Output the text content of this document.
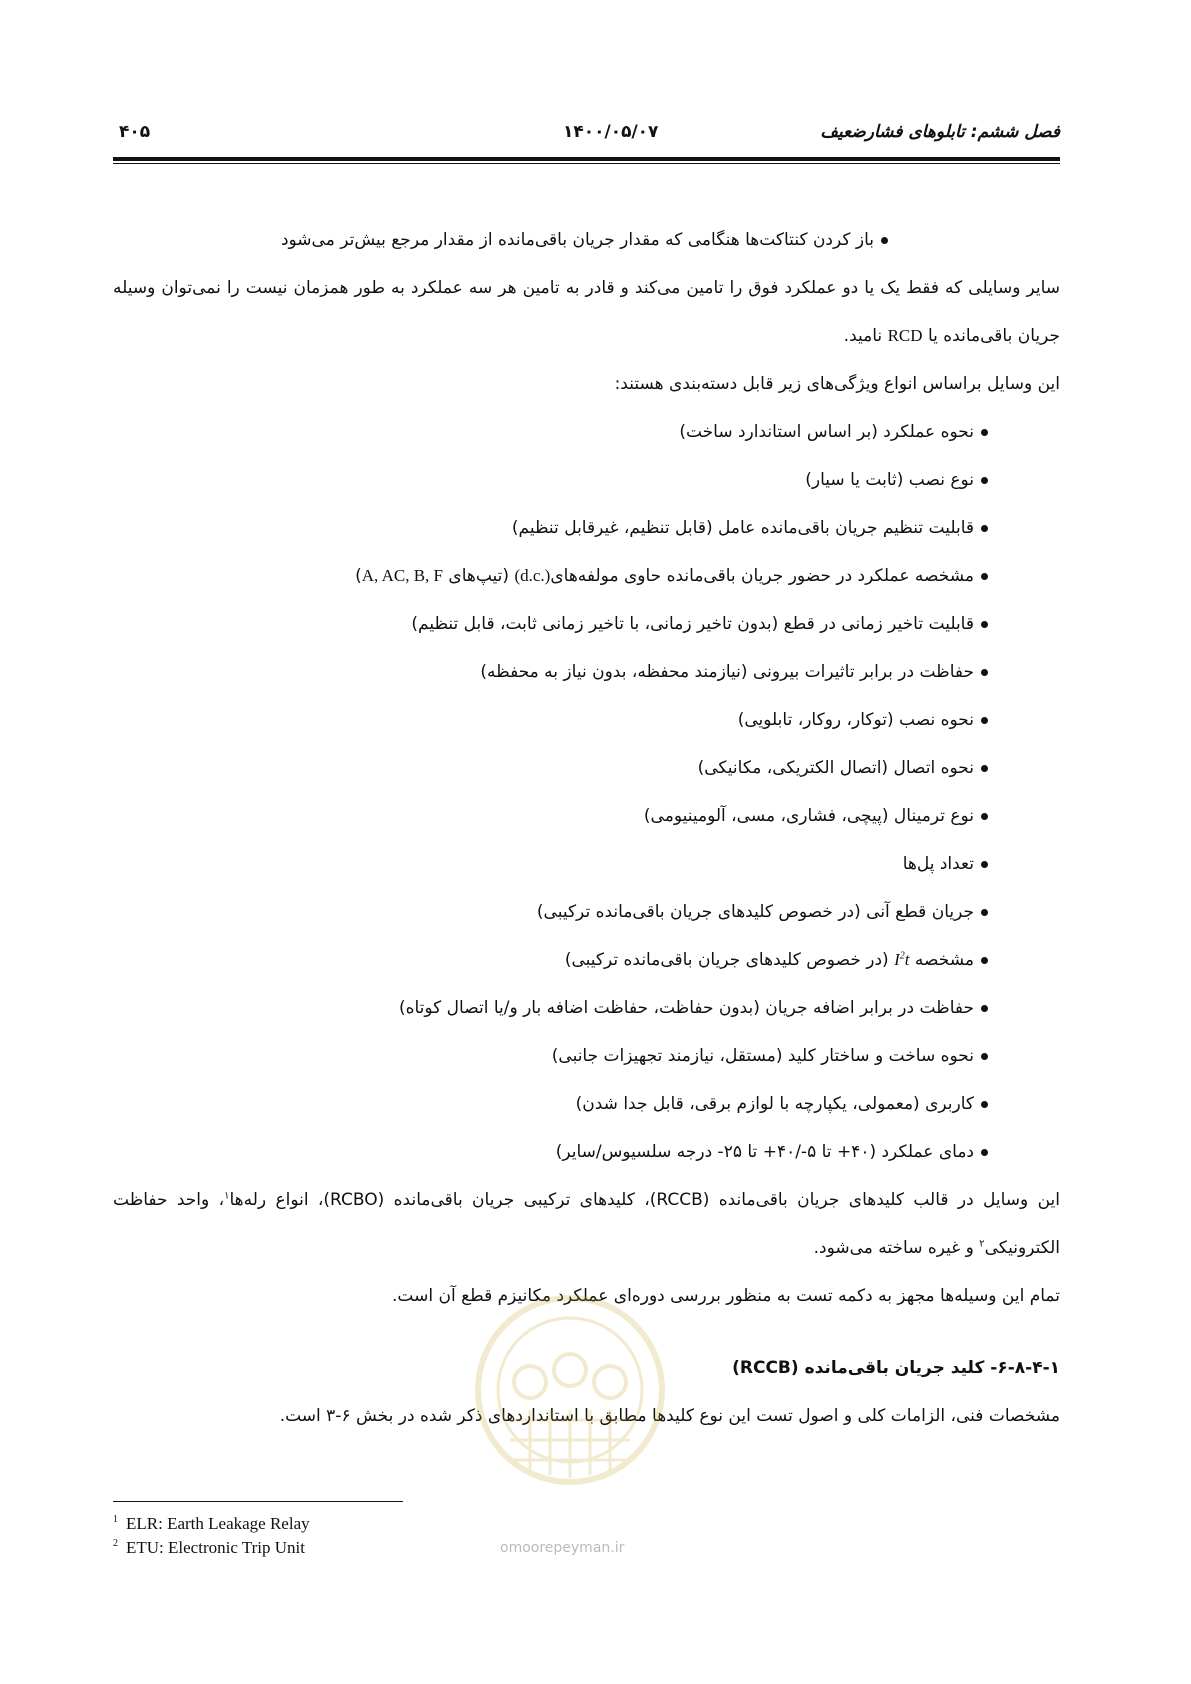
فصل ششم: تابلوهای فشارضعیف
۱۴۰۰/۰۵/۰۷
۴۰۵

باز کردن کنتاکت‌ها هنگامی که مقدار جریان باقی‌مانده از مقدار مرجع بیش‌تر می‌شود

سایر وسایلی که فقط یک یا دو عملکرد فوق را تامین می‌کند و قادر به تامین هر سه عملکرد به طور همزمان نیست را نمی‌توان وسیله جریان باقی‌مانده یا RCD نامید.

این وسایل براساس انواع ویژگی‌های زیر قابل دسته‌بندی هستند:

نحوه عملکرد (بر اساس استاندارد ساخت)
نوع نصب (ثابت یا سیار)
قابلیت تنظیم جریان باقی‌مانده عامل (قابل تنظیم، غیرقابل تنظیم)
مشخصه عملکرد در حضور جریان باقی‌مانده حاوی مولفه‌های(d.c.) (تیپ‌های A, AC, B, F)
قابلیت تاخیر زمانی در قطع (بدون تاخیر زمانی، با تاخیر زمانی ثابت، قابل تنظیم)
حفاظت در برابر تاثیرات بیرونی (نیازمند محفظه، بدون نیاز به محفظه)
نحوه نصب (توکار، روکار، تابلویی)
نحوه اتصال (اتصال الکتریکی، مکانیکی)
نوع ترمینال (پیچی، فشاری، مسی، آلومینیومی)
تعداد پل‌ها
جریان قطع آنی (در خصوص کلیدهای جریان باقی‌مانده ترکیبی)
مشخصه $I^2t$ (در خصوص کلیدهای جریان باقی‌مانده ترکیبی)
حفاظت در برابر اضافه جریان (بدون حفاظت، حفاظت اضافه بار و/یا اتصال کوتاه)
نحوه ساخت و ساختار کلید (مستقل، نیازمند تجهیزات جانبی)
کاربری (معمولی، یکپارچه با لوازم برقی، قابل جدا شدن)
دمای عملکرد (۴۰+ تا ۵-/۴۰+ تا ۲۵- درجه سلسیوس/سایر)

این وسایل در قالب کلیدهای جریان باقی‌مانده (RCCB)، کلیدهای ترکیبی جریان باقی‌مانده (RCBO)، انواع رله‌ها$^۱$، واحد حفاظت الکترونیکی$^۲$ و غیره ساخته می‌شود.

تمام این وسیله‌ها مجهز به دکمه تست به منظور بررسی دوره‌ای عملکرد مکانیزم قطع آن است.

۶-۸-۴-۱- کلید جریان باقی‌مانده (RCCB)

مشخصات فنی، الزامات کلی و اصول تست این نوع کلیدها مطابق با استانداردهای ذکر شده در بخش ۶-۳ است.

omoorepeyman.ir
$^1$ ELR: Earth Leakage Relay
$^2$ ETU: Electronic Trip Unit
